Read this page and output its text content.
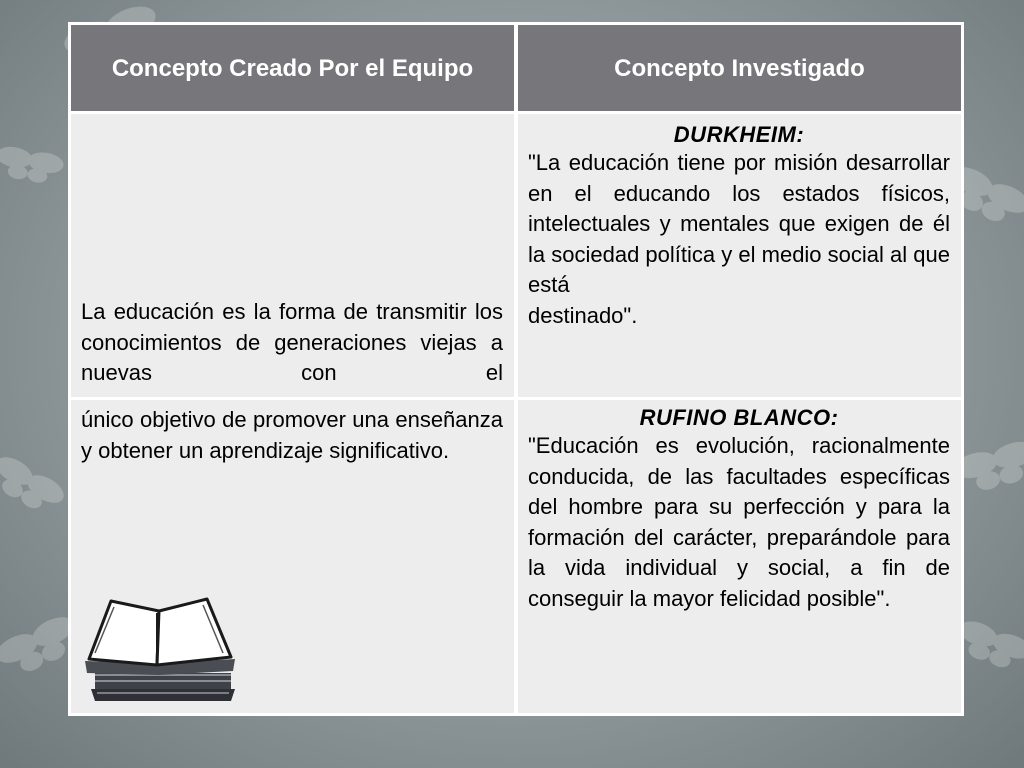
Concepto Creado Por el Equipo	Concepto Investigado

La educación es la forma de transmitir los conocimientos de generaciones viejas a nuevas con el

DURKHEIM:

"La educación tiene por misión desarrollar en el educando los estados físicos, intelectuales y mentales que exigen de él la sociedad política y el medio social al que está

destinado".

único objetivo de promover una enseñanza y obtener un aprendizaje significativo.

RUFINO BLANCO:

"Educación es evolución, racionalmente conducida, de las facultades específicas del hombre para su perfección y para la formación del carácter, preparándole para la vida individual y social, a fin de conseguir la mayor felicidad posible".
